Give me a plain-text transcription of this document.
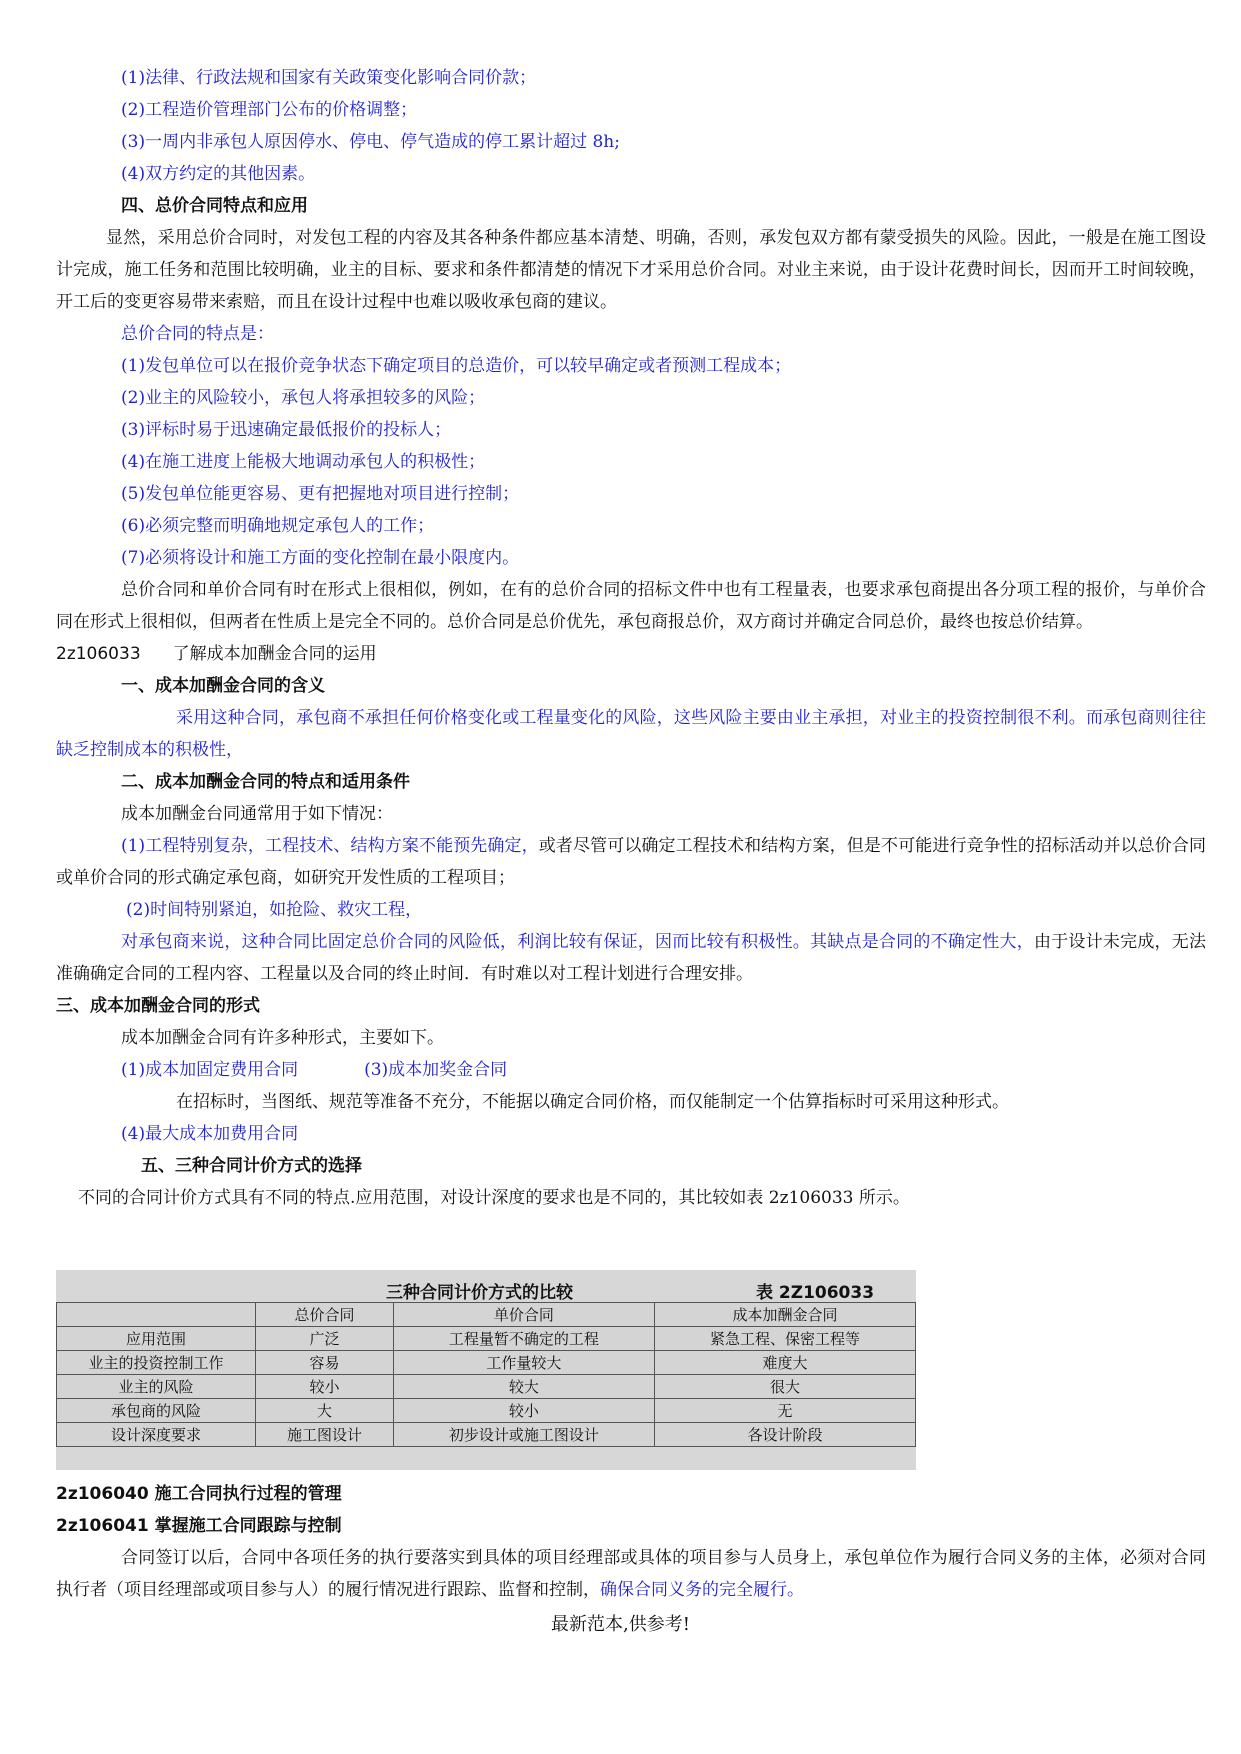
(1)法律、行政法规和国家有关政策变化影响合同价款；
(2)工程造价管理部门公布的价格调整；
(3)一周内非承包人原因停水、停电、停气造成的停工累计超过 8h;
(4)双方约定的其他因素。
四、总价合同特点和应用
显然，采用总价合同时，对发包工程的内容及其各种条件都应基本清楚、明确，否则，承发包双方都有蒙受损失的风险。因此，一般是在施工图设计完成，施工任务和范围比较明确，业主的目标、要求和条件都清楚的情况下才采用总价合同。对业主来说，由于设计花费时间长，因而开工时间较晚，开工后的变更容易带来索赔，而且在设计过程中也难以吸收承包商的建议。
总价合同的特点是：
(1)发包单位可以在报价竞争状态下确定项目的总造价，可以较早确定或者预测工程成本；
(2)业主的风险较小，承包人将承担较多的风险；
(3)评标时易于迅速确定最低报价的投标人；
(4)在施工进度上能极大地调动承包人的积极性；
(5)发包单位能更容易、更有把握地对项目进行控制；
(6)必须完整而明确地规定承包人的工作；
(7)必须将设计和施工方面的变化控制在最小限度内。
总价合同和单价合同有时在形式上很相似，例如，在有的总价合同的招标文件中也有工程量表，也要求承包商提出各分项工程的报价，与单价合同在形式上很相似，但两者在性质上是完全不同的。总价合同是总价优先，承包商报总价，双方商讨并确定合同总价，最终也按总价结算。
2z106033 了解成本加酬金合同的运用
一、成本加酬金合同的含义
采用这种合同，承包商不承担任何价格变化或工程量变化的风险，这些风险主要由业主承担，对业主的投资控制很不利。而承包商则往往缺乏控制成本的积极性，
二、成本加酬金合同的特点和适用条件
成本加酬金台同通常用于如下情况：
(1)工程特别复杂，工程技术、结构方案不能预先确定，或者尽管可以确定工程技术和结构方案，但是不可能进行竞争性的招标活动并以总价合同或单价合同的形式确定承包商，如研究开发性质的工程项目；
(2)时间特别紧迫，如抢险、救灾工程，
对承包商来说，这种合同比固定总价合同的风险低，利润比较有保证，因而比较有积极性。其缺点是合同的不确定性大，由于设计未完成，无法准确确定合同的工程内容、工程量以及合同的终止时间．有时难以对工程计划进行合理安排。
三、成本加酬金合同的形式
成本加酬金合同有许多种形式，主要如下。
(1)成本加固定费用合同	(3)成本加奖金合同
在招标时，当图纸、规范等准备不充分，不能据以确定合同价格，而仅能制定一个估算指标时可采用这种形式。
(4)最大成本加费用合同
五、三种合同计价方式的选择
不同的合同计价方式具有不同的特点.应用范围，对设计深度的要求也是不同的，其比较如表 2z106033 所示。
三种合同计价方式的比较	表 2Z106033
	总价合同	单价合同	成本加酬金合同
应用范围	广泛	工程量暂不确定的工程	紧急工程、保密工程等
业主的投资控制工作	容易	工作量较大	难度大
业主的风险	较小	较大	很大
承包商的风险	大	较小	无
设计深度要求	施工图设计	初步设计或施工图设计	各设计阶段
2z106040 施工合同执行过程的管理
2z106041 掌握施工合同跟踪与控制
合同签订以后，合同中各项任务的执行要落实到具体的项目经理部或具体的项目参与人员身上，承包单位作为履行合同义务的主体，必须对合同执行者（项目经理部或项目参与人）的履行情况进行跟踪、监督和控制，确保合同义务的完全履行。
最新范本,供参考!
